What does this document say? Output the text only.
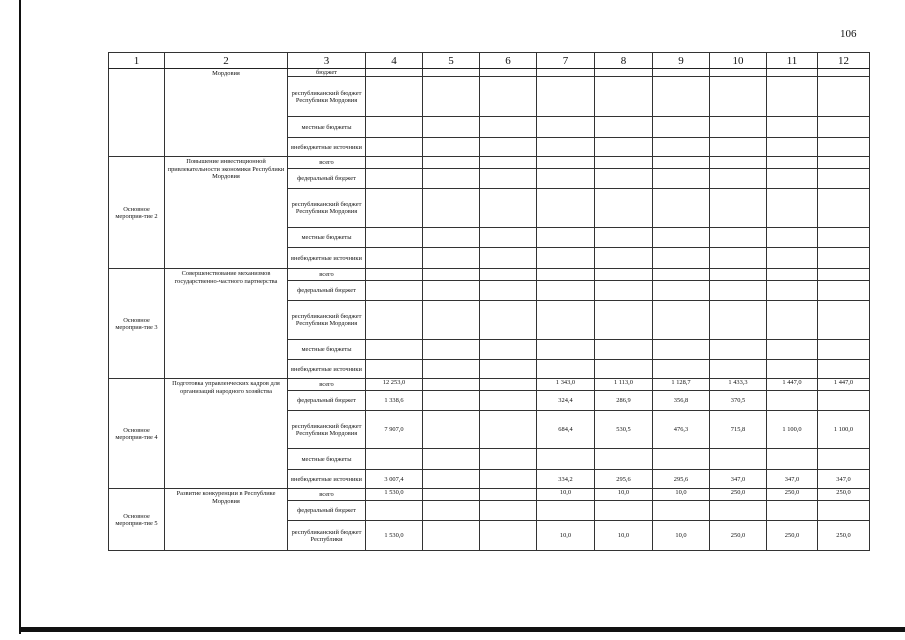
106
1	2	3	4	5	6	7	8	9	10	11	12
	Мордовия	бюджет									
		республиканский бюджет Республики Мордовия									
		местные бюджеты									
		внебюджетные источники									
Основное мероприя-тие 2	Повышение инвестиционной привлекательности экономики Республики Мордовия	всего									
		федеральный бюджет									
		республиканский бюджет Республики Мордовия									
		местные бюджеты									
		внебюджетные источники									
Основное мероприя-тие 3	Совершенствование механизмов государственно-частного партнерства	всего									
		федеральный бюджет									
		республиканский бюджет Республики Мордовия									
		местные бюджеты									
		внебюджетные источники									
Основное мероприя-тие 4	Подготовка управленческих кадров для организаций народного хозяйства	всего	12 253,0			1 343,0	1 113,0	1 128,7	1 433,3	1 447,0	1 447,0
		федеральный бюджет	1 338,6			324,4	286,9	356,8	370,5		
		республиканский бюджет Республики Мордовия	7 907,0			684,4	530,5	476,3	715,8	1 100,0	1 100,0
		местные бюджеты									
		внебюджетные источники	3 007,4			334,2	295,6	295,6	347,0	347,0	347,0
Основное мероприя-тие 5	Развитие конкуренции в Республике Мордовия	всего	1 530,0			10,0	10,0	10,0	250,0	250,0	250,0
		федеральный бюджет									
		республиканский бюджет Республики	1 530,0			10,0	10,0	10,0	250,0	250,0	250,0
